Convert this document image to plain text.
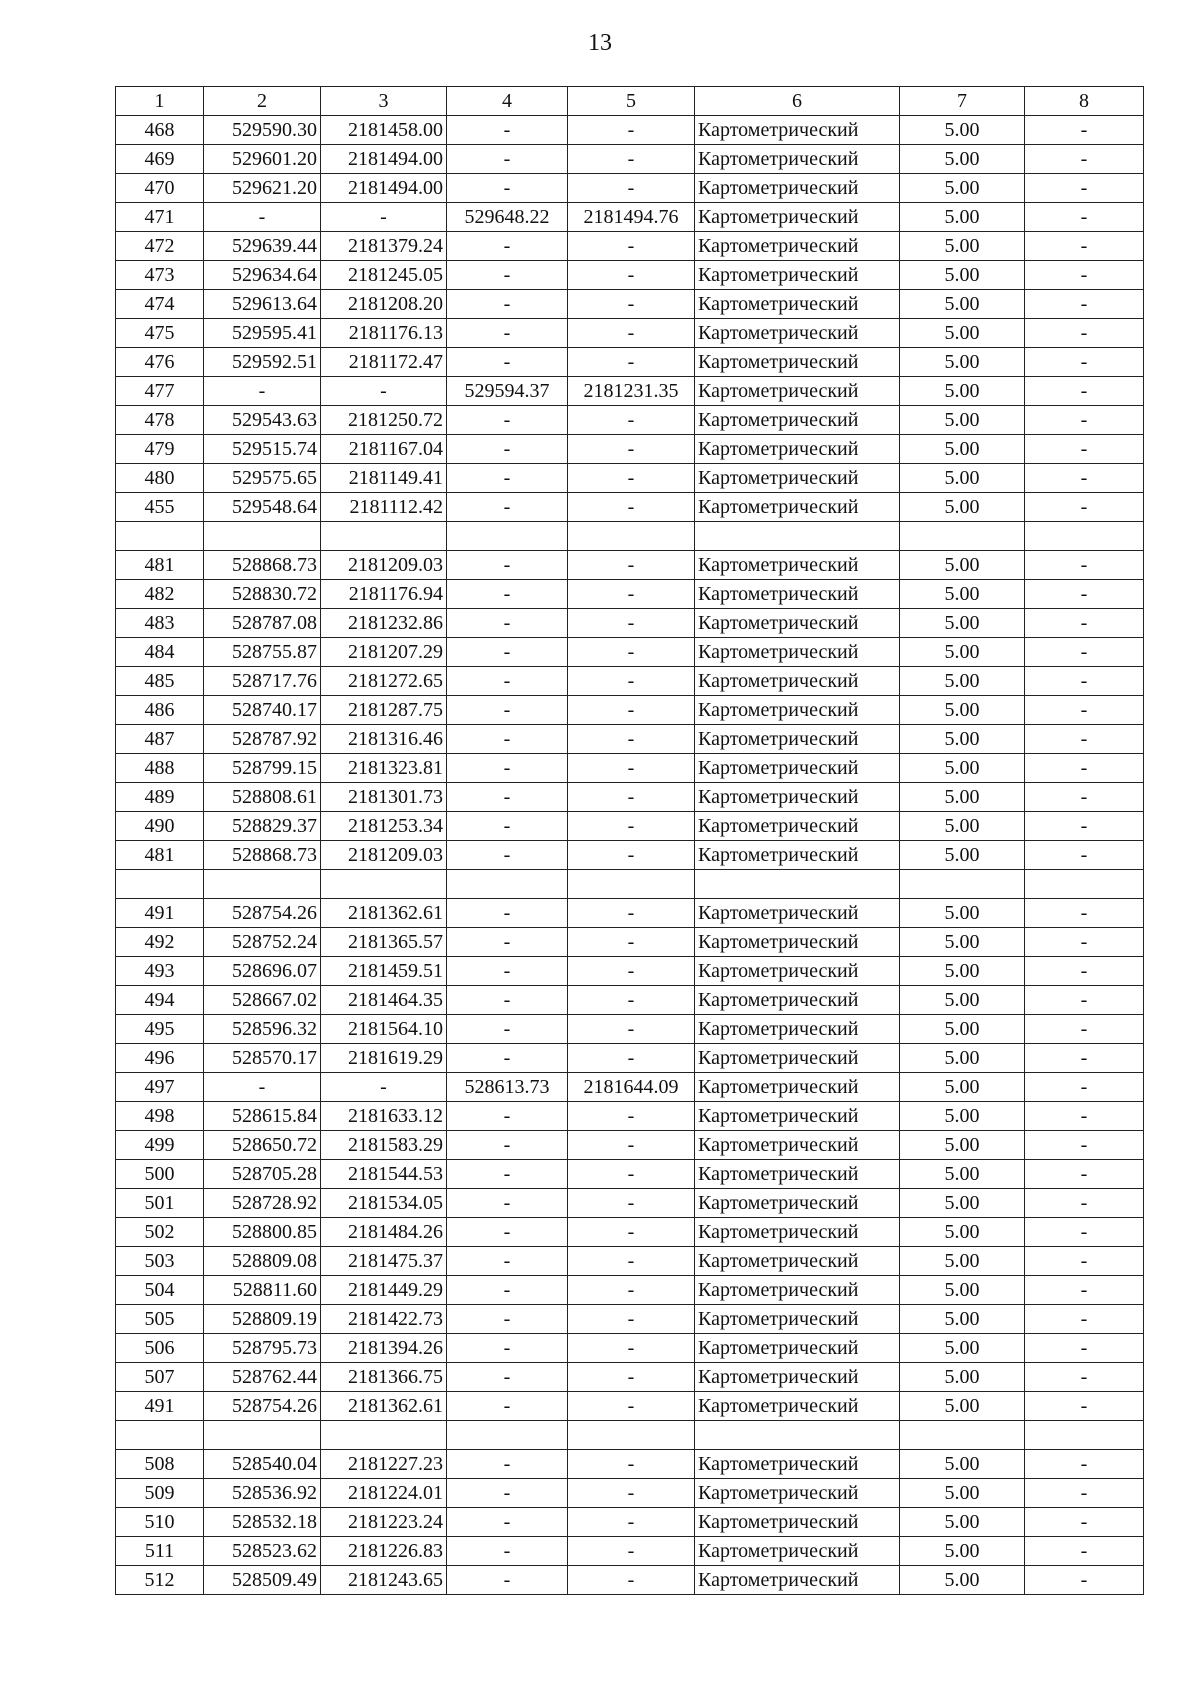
13
1	2	3	4	5	6	7	8
468	529590.30	2181458.00	-	-	Картометрический	5.00	-
469	529601.20	2181494.00	-	-	Картометрический	5.00	-
470	529621.20	2181494.00	-	-	Картометрический	5.00	-
471	-	-	529648.22	2181494.76	Картометрический	5.00	-
472	529639.44	2181379.24	-	-	Картометрический	5.00	-
473	529634.64	2181245.05	-	-	Картометрический	5.00	-
474	529613.64	2181208.20	-	-	Картометрический	5.00	-
475	529595.41	2181176.13	-	-	Картометрический	5.00	-
476	529592.51	2181172.47	-	-	Картометрический	5.00	-
477	-	-	529594.37	2181231.35	Картометрический	5.00	-
478	529543.63	2181250.72	-	-	Картометрический	5.00	-
479	529515.74	2181167.04	-	-	Картометрический	5.00	-
480	529575.65	2181149.41	-	-	Картометрический	5.00	-
455	529548.64	2181112.42	-	-	Картометрический	5.00	-

481	528868.73	2181209.03	-	-	Картометрический	5.00	-
482	528830.72	2181176.94	-	-	Картометрический	5.00	-
483	528787.08	2181232.86	-	-	Картометрический	5.00	-
484	528755.87	2181207.29	-	-	Картометрический	5.00	-
485	528717.76	2181272.65	-	-	Картометрический	5.00	-
486	528740.17	2181287.75	-	-	Картометрический	5.00	-
487	528787.92	2181316.46	-	-	Картометрический	5.00	-
488	528799.15	2181323.81	-	-	Картометрический	5.00	-
489	528808.61	2181301.73	-	-	Картометрический	5.00	-
490	528829.37	2181253.34	-	-	Картометрический	5.00	-
481	528868.73	2181209.03	-	-	Картометрический	5.00	-

491	528754.26	2181362.61	-	-	Картометрический	5.00	-
492	528752.24	2181365.57	-	-	Картометрический	5.00	-
493	528696.07	2181459.51	-	-	Картометрический	5.00	-
494	528667.02	2181464.35	-	-	Картометрический	5.00	-
495	528596.32	2181564.10	-	-	Картометрический	5.00	-
496	528570.17	2181619.29	-	-	Картометрический	5.00	-
497	-	-	528613.73	2181644.09	Картометрический	5.00	-
498	528615.84	2181633.12	-	-	Картометрический	5.00	-
499	528650.72	2181583.29	-	-	Картометрический	5.00	-
500	528705.28	2181544.53	-	-	Картометрический	5.00	-
501	528728.92	2181534.05	-	-	Картометрический	5.00	-
502	528800.85	2181484.26	-	-	Картометрический	5.00	-
503	528809.08	2181475.37	-	-	Картометрический	5.00	-
504	528811.60	2181449.29	-	-	Картометрический	5.00	-
505	528809.19	2181422.73	-	-	Картометрический	5.00	-
506	528795.73	2181394.26	-	-	Картометрический	5.00	-
507	528762.44	2181366.75	-	-	Картометрический	5.00	-
491	528754.26	2181362.61	-	-	Картометрический	5.00	-

508	528540.04	2181227.23	-	-	Картометрический	5.00	-
509	528536.92	2181224.01	-	-	Картометрический	5.00	-
510	528532.18	2181223.24	-	-	Картометрический	5.00	-
511	528523.62	2181226.83	-	-	Картометрический	5.00	-
512	528509.49	2181243.65	-	-	Картометрический	5.00	-
